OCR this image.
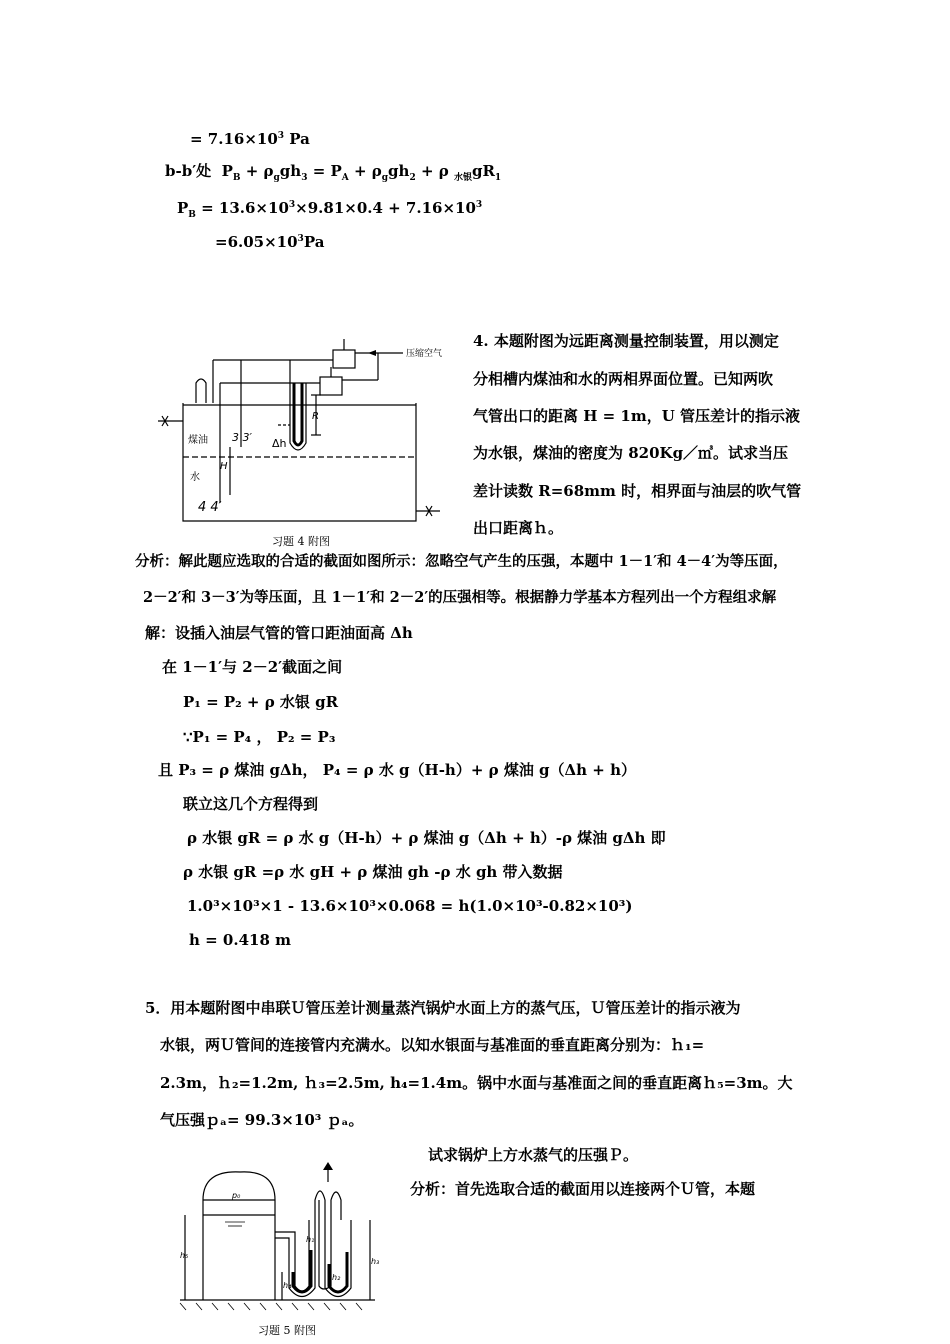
= $7.16\times 10^3$ Pa
b-b′处  $P_B + \rho_ggh_3 = P_A + \rho_ggh_2 + \rho$ $_{水银}gR_1$
$P_B = 13.6\times 10^3\times 9.81\times 0.4 + 7.16\times 10^3$
$=6.05\times 10^3Pa$
压缩空气
煤油
水
H
R
Δh
3 3′
4 4′
习题 4 附图
4. 本题附图为远距离测量控制装置，用以测定
分相槽内煤油和水的两相界面位置。已知两吹
气管出口的距离 H = 1m，U 管压差计的指示液
为水银，煤油的密度为 820Kg／㎥。试求当压
差计读数 R=68mm 时，相界面与油层的吹气管
出口距离ｈ。
分析：解此题应选取的合适的截面如图所示：忽略空气产生的压强，本题中 1－1′和 4－4′为等压面，
2－2′和 3－3′为等压面，且 1－1′和 2－2′的压强相等。根据静力学基本方程列出一个方程组求解
解：设插入油层气管的管口距油面高 Δh
在 1－1′与 2－2′截面之间
P₁ = P₂ + ρ 水银 gR
∵P₁ = P₄ ， P₂ = P₃
且 P₃ = ρ 煤油 gΔh， P₄ = ρ 水 g（H-h）+ ρ 煤油 g（Δh + h）
联立这几个方程得到
ρ 水银 gR = ρ 水 g（H-h）+ ρ 煤油 g（Δh + h）-ρ 煤油 gΔh 即
ρ 水银 gR =ρ 水 gH + ρ 煤油 gh -ρ 水 gh 带入数据
1.0³×10³×1 - 13.6×10³×0.068 = h(1.0×10³-0.82×10³)
h = 0.418 m
5．用本题附图中串联Ｕ管压差计测量蒸汽锅炉水面上方的蒸气压，Ｕ管压差计的指示液为
水银，两Ｕ管间的连接管内充满水。以知水银面与基准面的垂直距离分别为：ｈ₁=
2.3m，ｈ₂=1.2m, ｈ₃=2.5m, h₄=1.4m。锅中水面与基准面之间的垂直距离ｈ₅=3m。大
气压强ｐₐ= 99.3×10³ ｐₐ。
试求锅炉上方水蒸气的压强Ｐ。
分析：首先选取合适的截面用以连接两个Ｕ管，本题
p₀
h₅
h₄
h₁
h₂
h₃
习题 5 附图
